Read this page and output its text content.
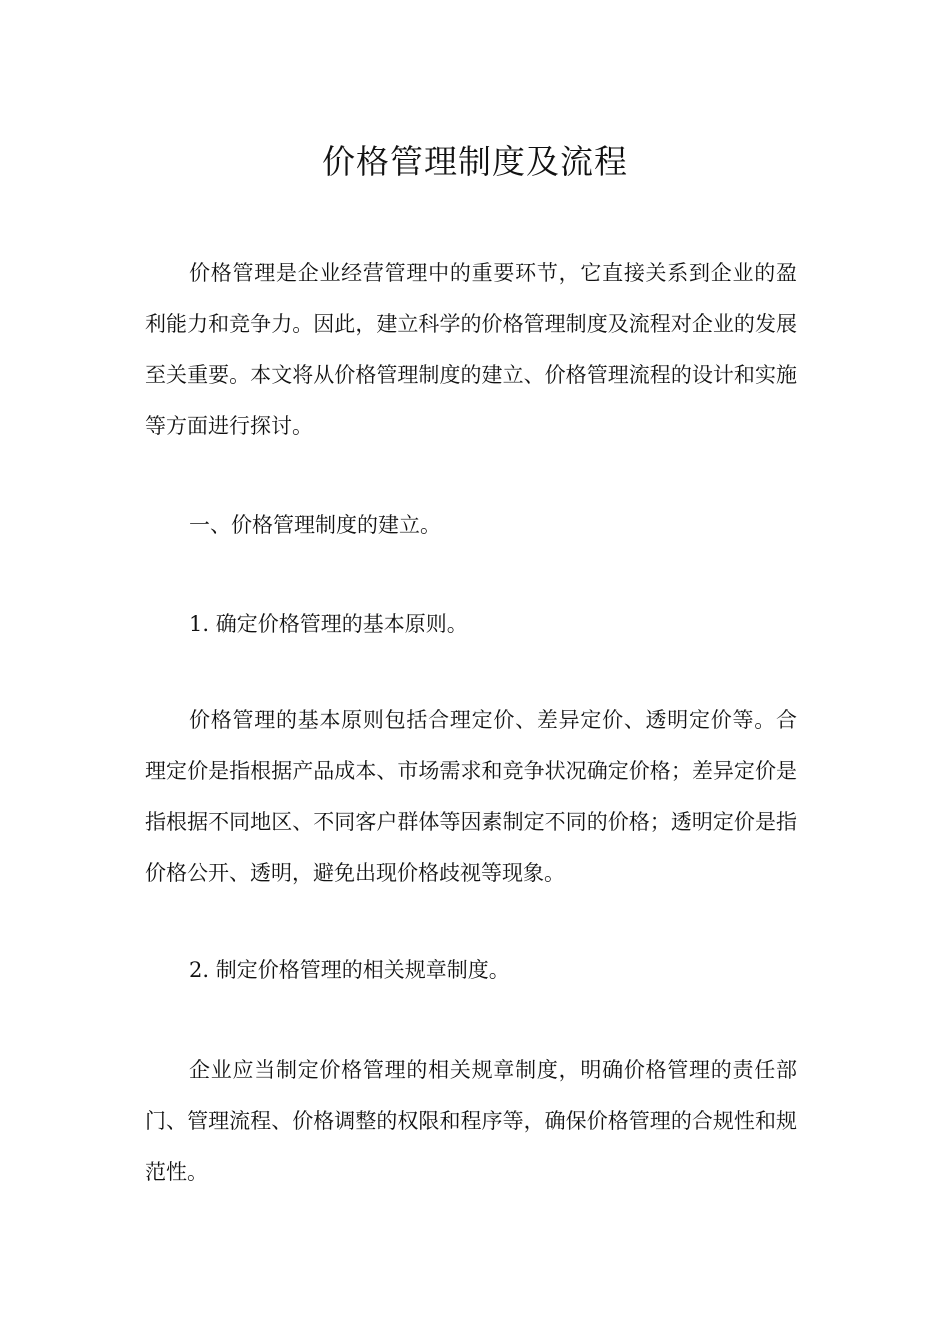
价格管理制度及流程

价格管理是企业经营管理中的重要环节，它直接关系到企业的盈利能力和竞争力。因此，建立科学的价格管理制度及流程对企业的发展至关重要。本文将从价格管理制度的建立、价格管理流程的设计和实施等方面进行探讨。

一、价格管理制度的建立。

1. 确定价格管理的基本原则。

价格管理的基本原则包括合理定价、差异定价、透明定价等。合理定价是指根据产品成本、市场需求和竞争状况确定价格；差异定价是指根据不同地区、不同客户群体等因素制定不同的价格；透明定价是指价格公开、透明，避免出现价格歧视等现象。

2. 制定价格管理的相关规章制度。

企业应当制定价格管理的相关规章制度，明确价格管理的责任部门、管理流程、价格调整的权限和程序等，确保价格管理的合规性和规范性。
